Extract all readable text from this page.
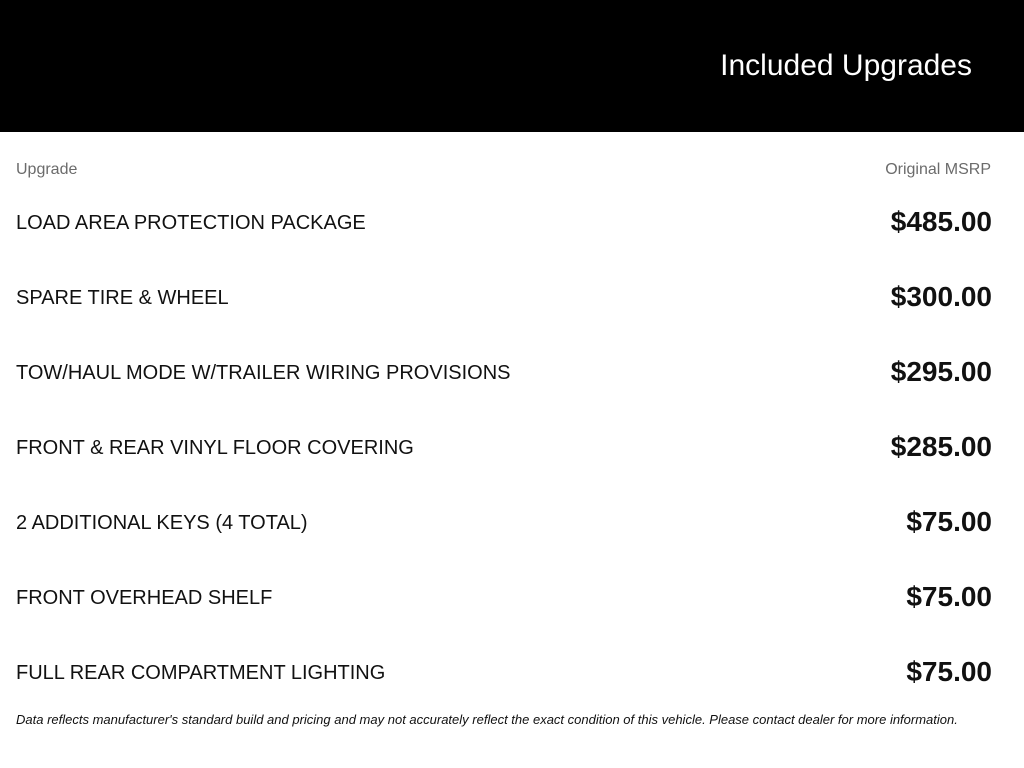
Included Upgrades
Upgrade	Original MSRP
LOAD AREA PROTECTION PACKAGE	$485.00
SPARE TIRE & WHEEL	$300.00
TOW/HAUL MODE W/TRAILER WIRING PROVISIONS	$295.00
FRONT & REAR VINYL FLOOR COVERING	$285.00
2 ADDITIONAL KEYS (4 TOTAL)	$75.00
FRONT OVERHEAD SHELF	$75.00
FULL REAR COMPARTMENT LIGHTING	$75.00
Data reflects manufacturer's standard build and pricing and may not accurately reflect the exact condition of this vehicle. Please contact dealer for more information.
